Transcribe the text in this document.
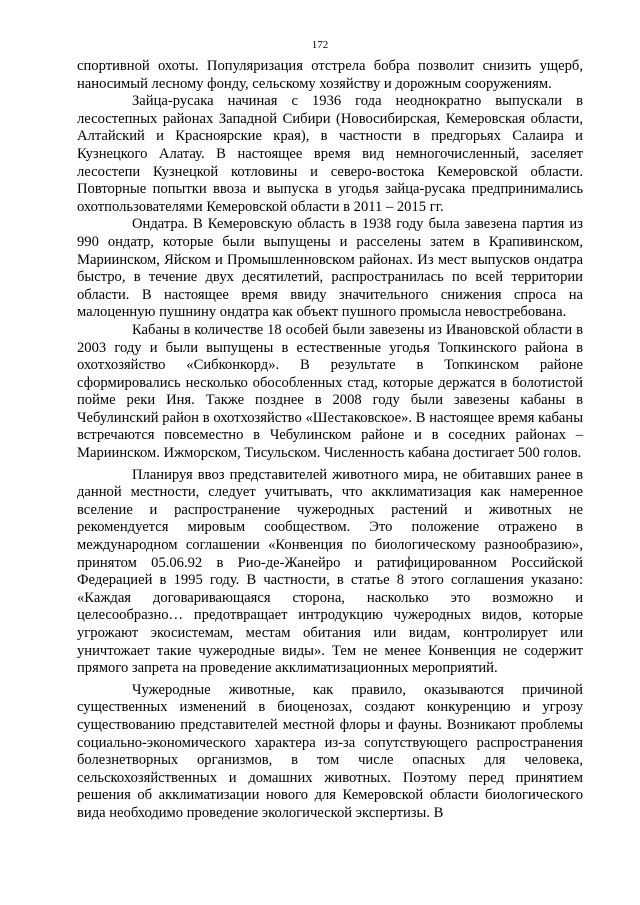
172

спортивной охоты. Популяризация отстрела бобра позволит снизить ущерб, наносимый лесному фонду, сельскому хозяйству и дорожным сооружениям.

Зайца-русака начиная с 1936 года неоднократно выпускали в лесостепных районах Западной Сибири (Новосибирская, Кемеровская области, Алтайский и Красноярские края), в частности в предгорьях Салаира и Кузнецкого Алатау. В настоящее время вид немногочисленный, заселяет лесостепи Кузнецкой котловины и северо-востока Кемеровской области. Повторные попытки ввоза и выпуска в угодья зайца-русака предпринимались охотпользователями Кемеровской области в 2011 – 2015 гг.

Ондатра. В Кемеровскую область в 1938 году была завезена партия из 990 ондатр, которые были выпущены и расселены затем в Крапивинском, Мариинском, Яйском и Промышленновском районах. Из мест выпусков ондатра быстро, в течение двух десятилетий, распространилась по всей территории области. В настоящее время ввиду значительного снижения спроса на малоценную пушнину ондатра как объект пушного промысла невостребована.

Кабаны в количестве 18 особей были завезены из Ивановской области в 2003 году и были выпущены в естественные угодья Топкинского района в охотхозяйство «Сибконкорд». В результате в Топкинском районе сформировались несколько обособленных стад, которые держатся в болотистой пойме реки Иня. Также позднее в 2008 году были завезены кабаны в Чебулинский район в охотхозяйство «Шестаковское». В настоящее время кабаны встречаются повсеместно в Чебулинском районе и в соседних районах – Мариинском. Ижморском, Тисульском. Численность кабана достигает 500 голов.

Планируя ввоз представителей животного мира, не обитавших ранее в данной местности, следует учитывать, что акклиматизация как намеренное вселение и распространение чужеродных растений и животных не рекомендуется мировым сообществом. Это положение отражено в международном соглашении «Конвенция по биологическому разнообразию», принятом 05.06.92 в Рио-де-Жанейро и ратифицированном Российской Федерацией в 1995 году. В частности, в статье 8 этого соглашения указано: «Каждая договаривающаяся сторона, насколько это возможно и целесообразно… предотвращает интродукцию чужеродных видов, которые угрожают экосистемам, местам обитания или видам, контролирует или уничтожает такие чужеродные виды». Тем не менее Конвенция не содержит прямого запрета на проведение акклиматизационных мероприятий.

Чужеродные животные, как правило, оказываются причиной существенных изменений в биоценозах, создают конкуренцию и угрозу существованию представителей местной флоры и фауны. Возникают проблемы социально-экономического характера из-за сопутствующего распространения болезнетворных организмов, в том числе опасных для человека, сельскохозяйственных и домашних животных. Поэтому перед принятием решения об акклиматизации нового для Кемеровской области биологического вида необходимо проведение экологической экспертизы. В
